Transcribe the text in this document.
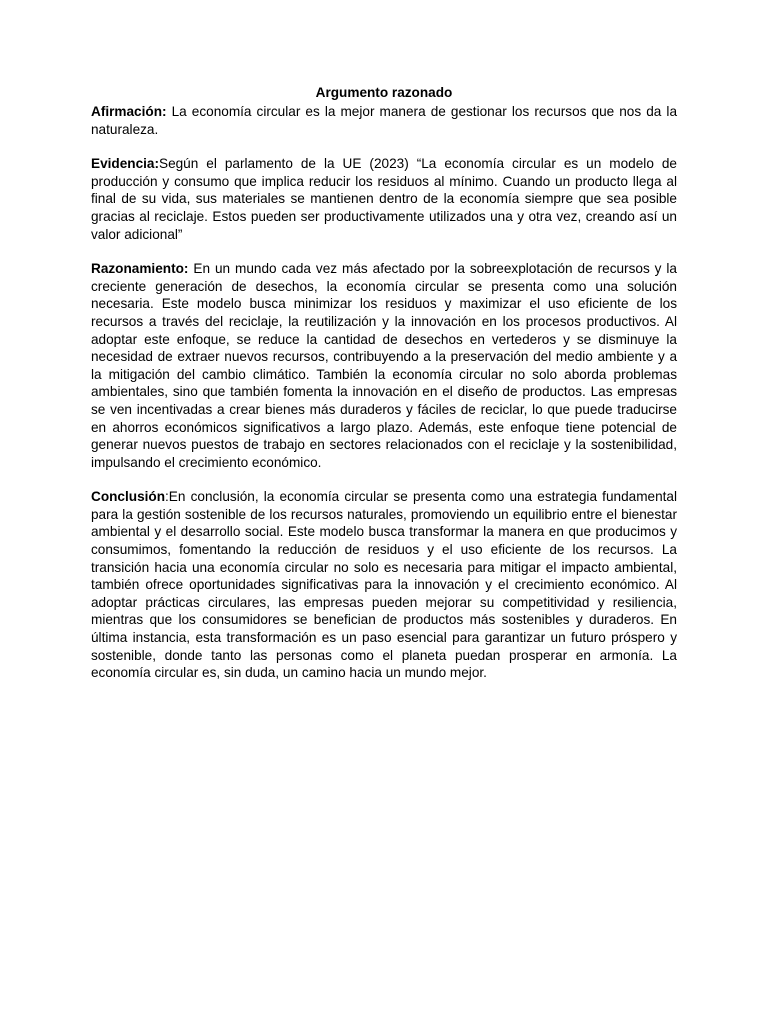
Argumento razonado

Afirmación: La economía circular es la mejor manera de gestionar los recursos que nos da la naturaleza.

Evidencia:Según el parlamento de la UE (2023) “La economía circular es un modelo de producción y consumo que implica reducir los residuos al mínimo. Cuando un producto llega al final de su vida, sus materiales se mantienen dentro de la economía siempre que sea posible gracias al reciclaje. Estos pueden ser productivamente utilizados una y otra vez, creando así un valor adicional”

Razonamiento: En un mundo cada vez más afectado por la sobreexplotación de recursos y la creciente generación de desechos, la economía circular se presenta como una solución necesaria. Este modelo busca minimizar los residuos y maximizar el uso eficiente de los recursos a través del reciclaje, la reutilización y la innovación en los procesos productivos. Al adoptar este enfoque, se reduce la cantidad de desechos en vertederos y se disminuye la necesidad de extraer nuevos recursos, contribuyendo a la preservación del medio ambiente y a la mitigación del cambio climático. También la economía circular no solo aborda problemas ambientales, sino que también fomenta la innovación en el diseño de productos. Las empresas se ven incentivadas a crear bienes más duraderos y fáciles de reciclar, lo que puede traducirse en ahorros económicos significativos a largo plazo. Además, este enfoque tiene potencial de generar nuevos puestos de trabajo en sectores relacionados con el reciclaje y la sostenibilidad, impulsando el crecimiento económico.

Conclusión:En conclusión, la economía circular se presenta como una estrategia fundamental para la gestión sostenible de los recursos naturales, promoviendo un equilibrio entre el bienestar ambiental y el desarrollo social. Este modelo busca transformar la manera en que producimos y consumimos, fomentando la reducción de residuos y el uso eficiente de los recursos. La transición hacia una economía circular no solo es necesaria para mitigar el impacto ambiental, también ofrece oportunidades significativas para la innovación y el crecimiento económico. Al adoptar prácticas circulares, las empresas pueden mejorar su competitividad y resiliencia, mientras que los consumidores se benefician de productos más sostenibles y duraderos. En última instancia, esta transformación es un paso esencial para garantizar un futuro próspero y sostenible, donde tanto las personas como el planeta puedan prosperar en armonía. La economía circular es, sin duda, un camino hacia un mundo mejor.
